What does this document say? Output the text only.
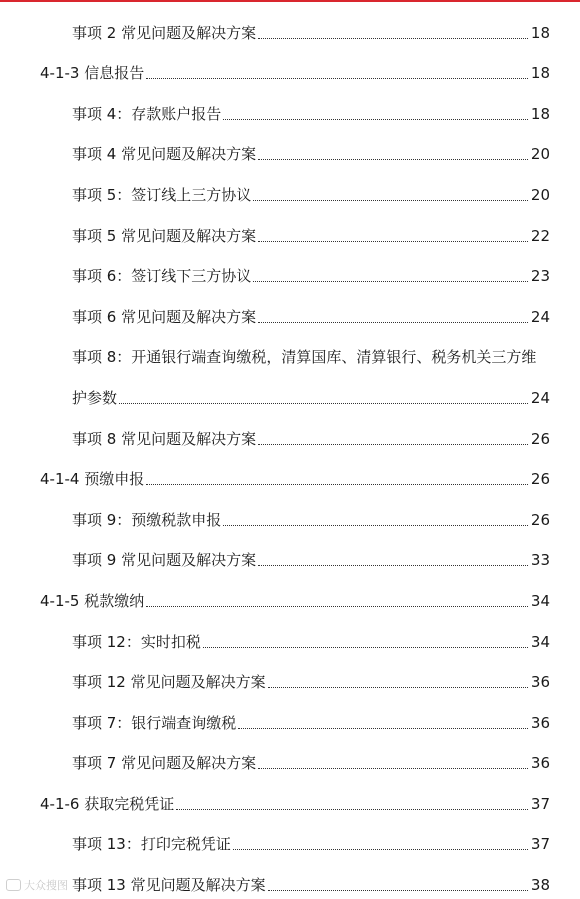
事项 2 常见问题及解决方案	18
4-1-3 信息报告	18
事项 4：存款账户报告	18
事项 4 常见问题及解决方案	20
事项 5：签订线上三方协议	20
事项 5 常见问题及解决方案	22
事项 6：签订线下三方协议	23
事项 6 常见问题及解决方案	24
事项 8：开通银行端查询缴税，清算国库、清算银行、税务机关三方维
护参数	24
事项 8 常见问题及解决方案	26
4-1-4 预缴申报	26
事项 9：预缴税款申报	26
事项 9 常见问题及解决方案	33
4-1-5 税款缴纳	34
事项 12：实时扣税	34
事项 12 常见问题及解决方案	36
事项 7：银行端查询缴税	36
事项 7 常见问题及解决方案	36
4-1-6 获取完税凭证	37
事项 13：打印完税凭证	37
事项 13 常见问题及解决方案	38
大众搜图
